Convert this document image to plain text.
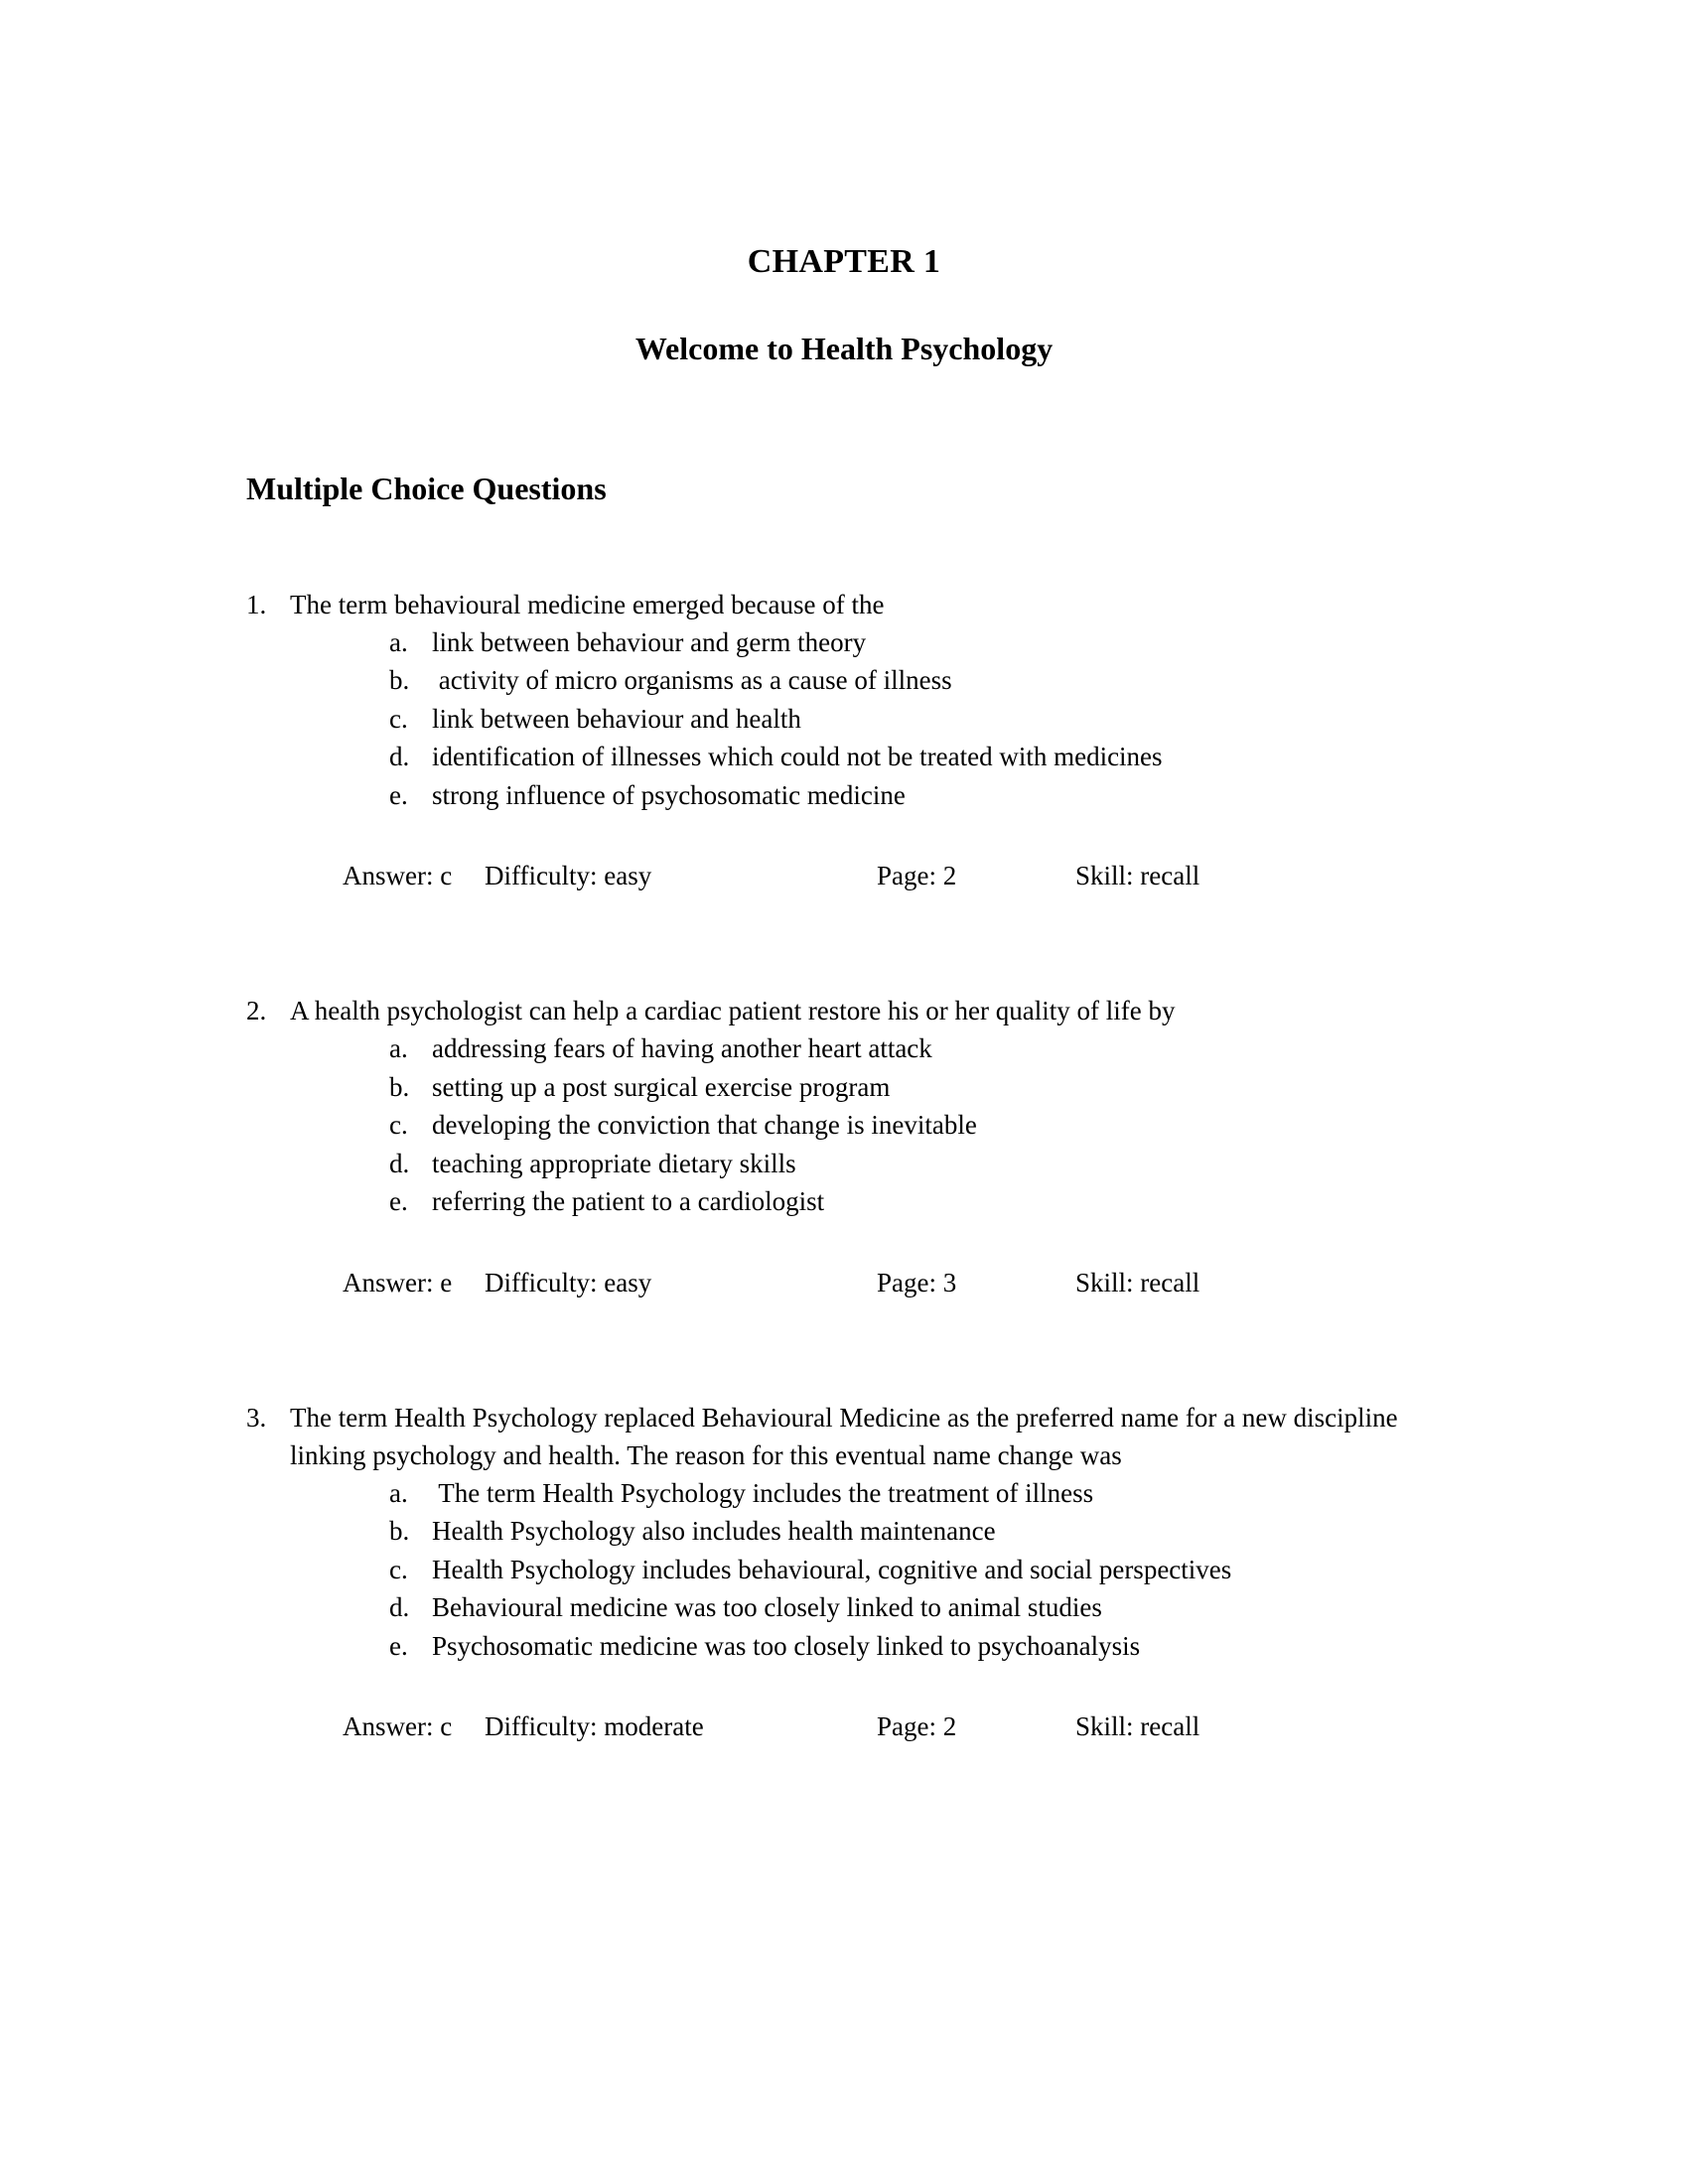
CHAPTER 1
Welcome to Health Psychology
Multiple Choice Questions
1. The term behavioural medicine emerged because of the
a. link between behaviour and germ theory
b. activity of micro organisms as a cause of illness
c. link between behaviour and health
d. identification of illnesses which could not be treated with medicines
e. strong influence of psychosomatic medicine
Answer: c	Difficulty: easy	Page: 2	Skill: recall
2. A health psychologist can help a cardiac patient restore his or her quality of life by
a. addressing fears of having another heart attack
b. setting up a post surgical exercise program
c. developing the conviction that change is inevitable
d. teaching appropriate dietary skills
e. referring the patient to a cardiologist
Answer: e	Difficulty: easy	Page: 3	Skill: recall
3. The term Health Psychology replaced Behavioural Medicine as the preferred name for a new discipline linking psychology and health. The reason for this eventual name change was
a. The term Health Psychology includes the treatment of illness
b. Health Psychology also includes health maintenance
c. Health Psychology includes behavioural, cognitive and social perspectives
d. Behavioural medicine was too closely linked to animal studies
e. Psychosomatic medicine was too closely linked to psychoanalysis
Answer: c	Difficulty: moderate	Page: 2	Skill: recall
